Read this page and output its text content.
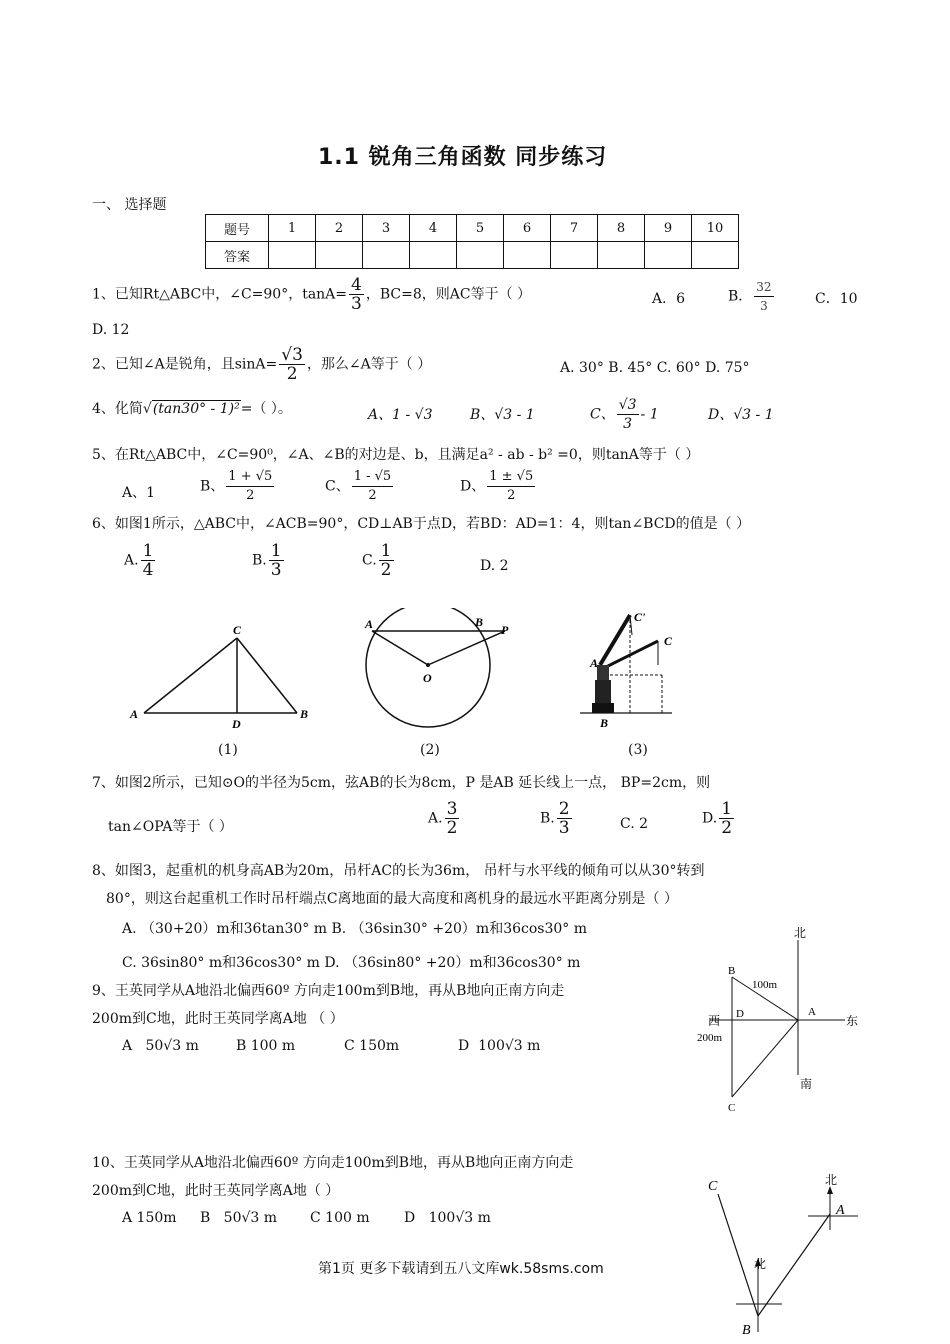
1.1 锐角三角函数 同步练习
一、 选择题
题号	1	2	3	4	5	6	7	8	9	10
答案										
1、已知Rt△ABC中，∠C=90°，$\tan A= \frac{4}{3}$ ，BC=8，则AC等于（ ）	A．6	B． $\frac{32}{3}$	C．10
D. 12
2、已知∠A是锐角，且$\sin A= \frac{√3}{2}$ ，那么∠A等于（ ）	A. 30° B. 45° C. 60° D. 75°
4、化简√(tan30° - 1)²=（ ）。	A、1 - √3	B、√3 - 1	C、 $\frac{√3}{3} - 1$	D、√3 - 1
5、在Rt△ABC中，∠C=90⁰，∠A、∠B的对边是、b，且满足a² - ab - b² =0，则tanA等于（ ）
A、1	B、 $\frac{1 + √5}{2}$	C、 $\frac{1 - √5}{2}$	D、 $\frac{1 \pm √5}{2}$
6、如图1所示，△ABC中，∠ACB=90°，CD⊥AB于点D，若BD：AD=1：4，则tan∠BCD的值是（ ）
A. $\frac{1}{4}$	B. $\frac{1}{3}$	C. $\frac{1}{2}$	D. 2
A	B
C
D
A	B
P
O
A
B
C
C'
(1)	(2)	(3)
7、如图2所示，已知⊙O的半径为5cm，弦AB的长为8cm，P 是AB 延长线上一点， BP=2cm，则
tan∠OPA等于（ ）
A. $\frac{3}{2}$	B. $\frac{2}{3}$	C. 2	D. $\frac{1}{2}$
8、如图3，起重机的机身高AB为20m，吊杆AC的长为36m， 吊杆与水平线的倾角可以从30°转到
80°，则这台起重机工作时吊杆端点C离地面的最大高度和离机身的最远水平距离分别是（ ）
A. （30+20）m和36tan30° m B. （36sin30° +20）m和36cos30° m
C. 36sin80° m和36cos30° m D. （36sin80° +20）m和36cos30° m
9、王英同学从A地沿北偏西60º 方向走100m到B地，再从B地向正南方向走
200m到C地，此时王英同学离A地 （ ）
A 50√3 m	B 100 m	C 150m	D 100√3 m
北
南
西	东
B
C
D	A
100m
200m
10、王英同学从A地沿北偏西60º 方向走100m到B地，再从B地向正南方向走
200m到C地，此时王英同学离A地（ ）
A 150m B 50√3 m C 100 m D 100√3 m
C
A
B
北
北
第1页 更多下载请到五八文库wk.58sms.com
